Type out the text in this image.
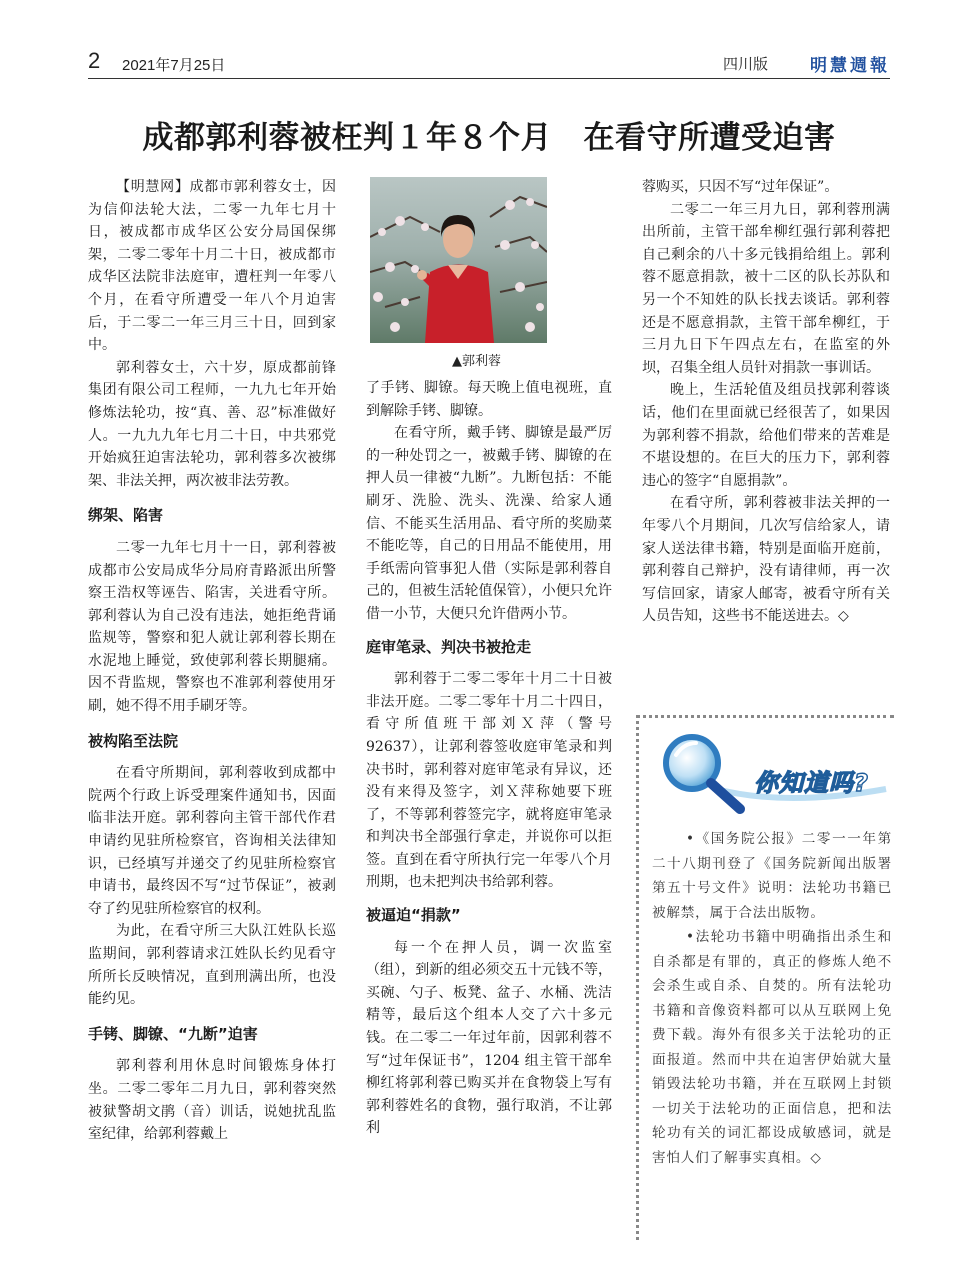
2 2021年7月25日	四川版 明慧週報
成都郭利蓉被枉判１年８个月　在看守所遭受迫害
▲郭利蓉

【明慧网】成都市郭利蓉女士，因为信仰法轮大法，二零一九年七月十日，被成都市成华区公安分局国保绑架，二零二零年十月二十日，被成都市成华区法院非法庭审，遭枉判一年零八个月，在看守所遭受一年八个月迫害后，于二零二一年三月三十日，回到家中。

郭利蓉女士，六十岁，原成都前锋集团有限公司工程师，一九九七年开始修炼法轮功，按“真、善、忍”标准做好人。一九九九年七月二十日，中共邪党开始疯狂迫害法轮功，郭利蓉多次被绑架、非法关押，两次被非法劳教。

绑架、陷害

二零一九年七月十一日，郭利蓉被成都市公安局成华分局府青路派出所警察王浩权等诬告、陷害，关进看守所。郭利蓉认为自己没有违法，她拒绝背诵监规等，警察和犯人就让郭利蓉长期在水泥地上睡觉，致使郭利蓉长期腿痛。因不背监规，警察也不准郭利蓉使用牙刷，她不得不用手刷牙等。

被构陷至法院

在看守所期间，郭利蓉收到成都中院两个行政上诉受理案件通知书，因面临非法开庭。郭利蓉向主管干部代作君申请约见驻所检察官，咨询相关法律知识，已经填写并递交了约见驻所检察官申请书，最终因不写“过节保证”，被剥夺了约见驻所检察官的权利。

为此，在看守所三大队江姓队长巡监期间，郭利蓉请求江姓队长约见看守所所长反映情况，直到刑满出所，也没能约见。

手铐、脚镣、“九断”迫害

郭利蓉利用休息时间锻炼身体打坐。二零二零年二月九日，郭利蓉突然被狱警胡文鹃（音）训话，说她扰乱监室纪律，给郭利蓉戴上

了手铐、脚镣。每天晚上值电视班，直到解除手铐、脚镣。

在看守所，戴手铐、脚镣是最严厉的一种处罚之一，被戴手铐、脚镣的在押人员一律被“九断”。九断包括：不能刷牙、洗脸、洗头、洗澡、给家人通信、不能买生活用品、看守所的奖励菜不能吃等，自己的日用品不能使用，用手纸需向管事犯人借（实际是郭利蓉自己的，但被生活轮值保管），小便只允许借一小节，大便只允许借两小节。

庭审笔录、判决书被抢走

郭利蓉于二零二零年十月二十日被非法开庭。二零二零年十月二十四日，看守所值班干部刘Ｘ萍（警号 92637），让郭利蓉签收庭审笔录和判决书时，郭利蓉对庭审笔录有异议，还没有来得及签字，刘Ｘ萍称她要下班了，不等郭利蓉签完字，就将庭审笔录和判决书全部强行拿走，并说你可以拒签。直到在看守所执行完一年零八个月刑期，也未把判决书给郭利蓉。

被逼迫“捐款”

每一个在押人员，调一次监室（组），到新的组必须交五十元钱不等，买碗、勺子、板凳、盆子、水桶、洗洁精等，最后这个组本人交了六十多元钱。在二零二一年过年前，因郭利蓉不写“过年保证书”，1204 组主管干部牟柳红将郭利蓉已购买并在食物袋上写有郭利蓉姓名的食物，强行取消，不让郭利

蓉购买，只因不写“过年保证”。

二零二一年三月九日，郭利蓉刑满出所前，主管干部牟柳红强行郭利蓉把自己剩余的八十多元钱捐给组上。郭利蓉不愿意捐款，被十二区的队长苏队和另一个不知姓的队长找去谈话。郭利蓉还是不愿意捐款，主管干部牟柳红，于三月九日下午四点左右，在监室的外坝，召集全组人员针对捐款一事训话。

晚上，生活轮值及组员找郭利蓉谈话，他们在里面就已经很苦了，如果因为郭利蓉不捐款，给他们带来的苦难是不堪设想的。在巨大的压力下，郭利蓉违心的签字“自愿捐款”。

在看守所，郭利蓉被非法关押的一年零八个月期间，几次写信给家人，请家人送法律书籍，特别是面临开庭前，郭利蓉自己辩护，没有请律师，再一次写信回家，请家人邮寄，被看守所有关人员告知，这些书不能送进去。◇

你知道吗?

•《国务院公报》二零一一年第二十八期刊登了《国务院新闻出版署第五十号文件》说明：法轮功书籍已被解禁，属于合法出版物。

•法轮功书籍中明确指出杀生和自杀都是有罪的，真正的修炼人绝不会杀生或自杀、自焚的。所有法轮功书籍和音像资料都可以从互联网上免费下载。海外有很多关于法轮功的正面报道。然而中共在迫害伊始就大量销毁法轮功书籍，并在互联网上封锁一切关于法轮功的正面信息，把和法轮功有关的词汇都设成敏感词，就是害怕人们了解事实真相。◇
